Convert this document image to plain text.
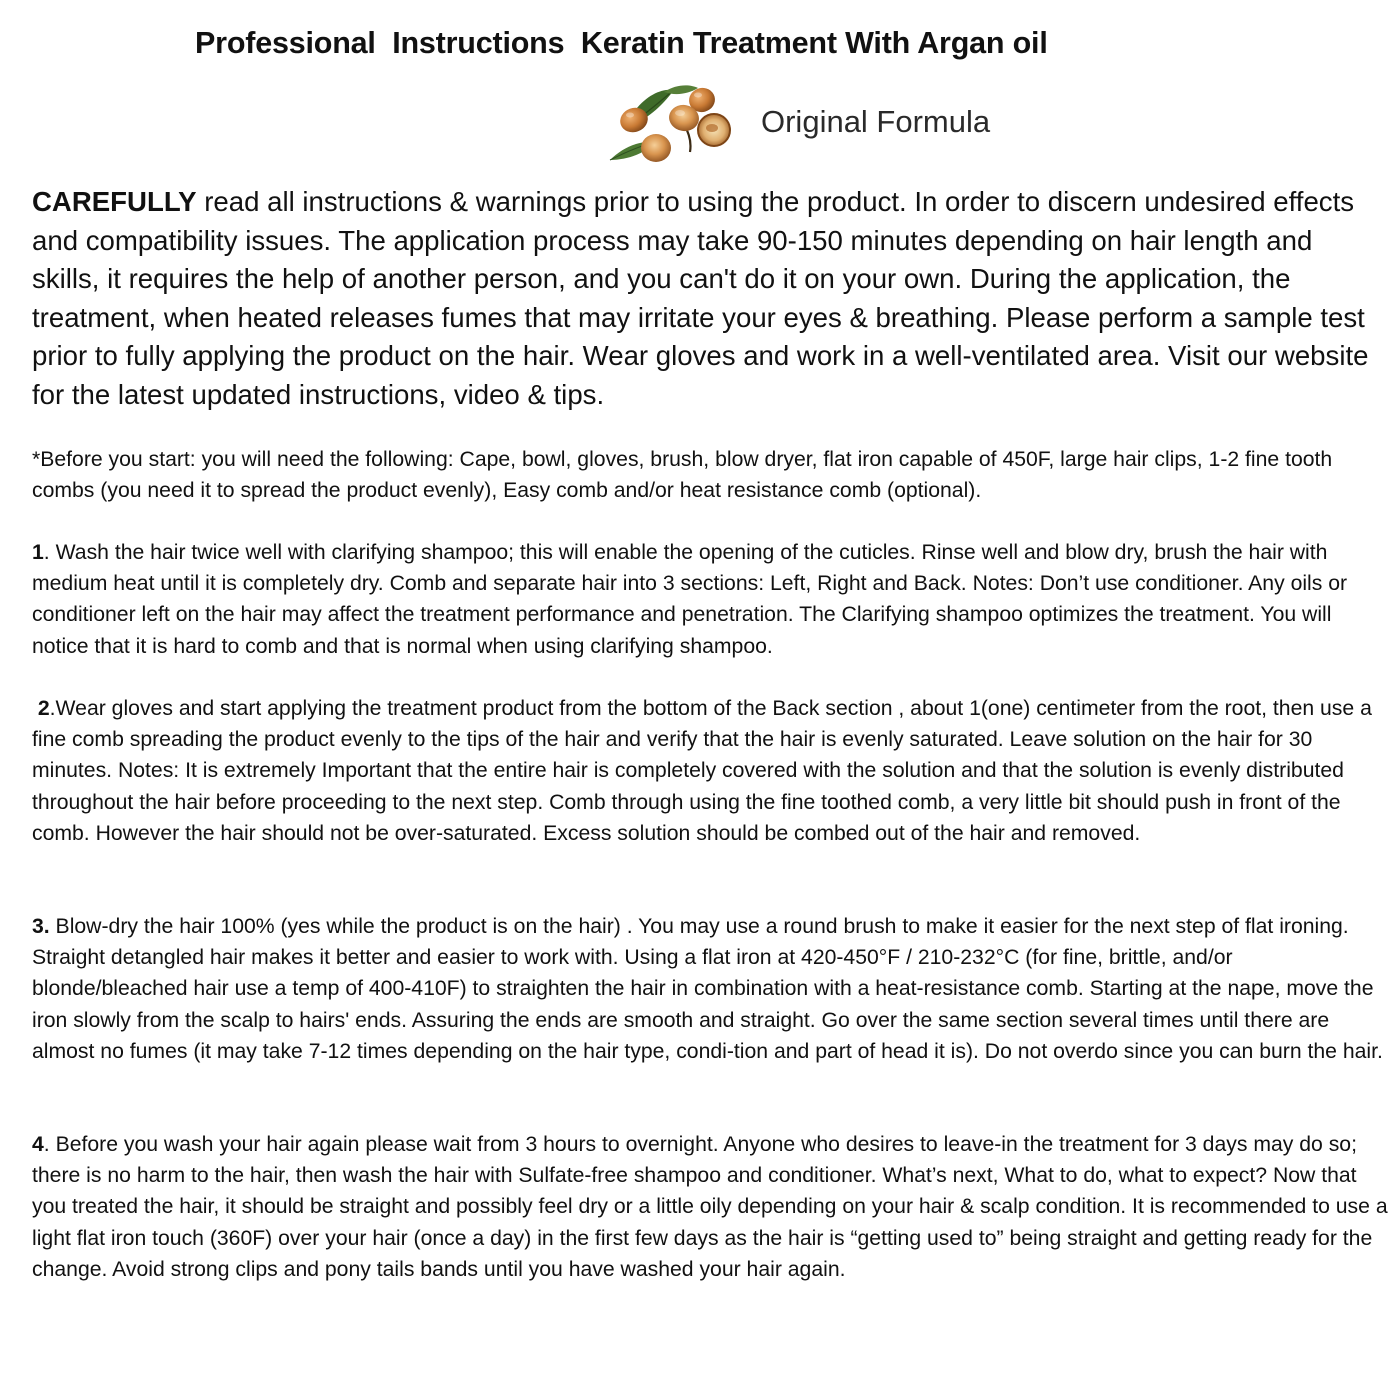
Professional  Instructions  Keratin Treatment With Argan oil
Original Formula

CAREFULLY read all instructions & warnings prior to using the product. In order to discern undesired effects and compatibility issues. The application process may take 90-150 minutes depending on hair length and skills, it requires the help of another person, and you can't do it on your own. During the application, the treatment, when heated releases fumes that may irritate your eyes & breathing. Please perform a sample test prior to fully applying the product on the hair. Wear gloves and work in a well-ventilated area. Visit our website for the latest updated instructions, video & tips.

*Before you start: you will need the following: Cape, bowl, gloves, brush, blow dryer, flat iron capable of 450F, large hair clips, 1-2 fine tooth combs (you need it to spread the product evenly), Easy comb and/or heat resistance comb (optional).

1. Wash the hair twice well with clarifying shampoo; this will enable the opening of the cuticles. Rinse well and blow dry, brush the hair with medium heat until it is completely dry. Comb and separate hair into 3 sections: Left, Right and Back. Notes: Don’t use conditioner. Any oils or conditioner left on the hair may affect the treatment performance and penetration. The Clarifying shampoo optimizes the treatment. You will notice that it is hard to comb and that is normal when using clarifying shampoo.

2.Wear gloves and start applying the treatment product from the bottom of the Back section , about 1(one) centimeter from the root, then use a fine comb spreading the product evenly to the tips of the hair and verify that the hair is evenly saturated. Leave solution on the hair for 30 minutes. Notes: It is extremely Important that the entire hair is completely covered with the solution and that the solution is evenly distributed throughout the hair before proceeding to the next step. Comb through using the fine toothed comb, a very little bit should push in front of the comb. However the hair should not be over-saturated. Excess solution should be combed out of the hair and removed.

3. Blow-dry the hair 100% (yes while the product is on the hair) . You may use a round brush to make it easier for the next step of flat ironing. Straight detangled hair makes it better and easier to work with. Using a flat iron at 420-450°F / 210-232°C (for fine, brittle, and/or blonde/bleached hair use a temp of 400-410F) to straighten the hair in combination with a heat-resistance comb. Starting at the nape, move the iron slowly from the scalp to hairs' ends. Assuring the ends are smooth and straight. Go over the same section several times until there are almost no fumes (it may take 7-12 times depending on the hair type, condi-tion and part of head it is). Do not overdo since you can burn the hair.

4. Before you wash your hair again please wait from 3 hours to overnight. Anyone who desires to leave-in the treatment for 3 days may do so; there is no harm to the hair, then wash the hair with Sulfate-free shampoo and conditioner. What’s next, What to do, what to expect? Now that you treated the hair, it should be straight and possibly feel dry or a little oily depending on your hair & scalp condition. It is recommended to use a light flat iron touch (360F) over your hair (once a day) in the first few days as the hair is “getting used to” being straight and getting ready for the change. Avoid strong clips and pony tails bands until you have washed your hair again.
